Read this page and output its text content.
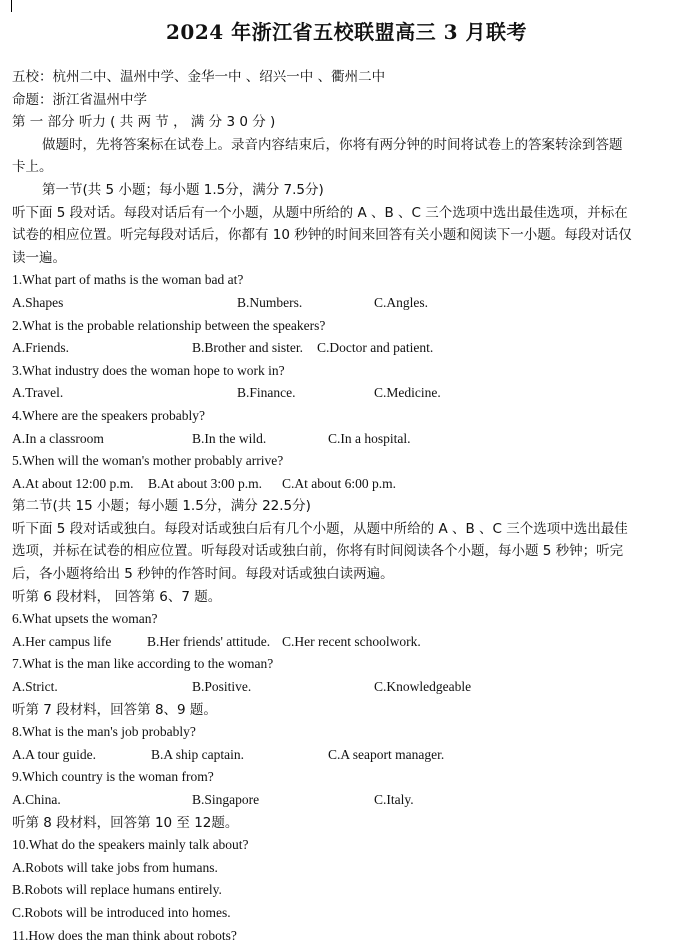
2024 年浙江省五校联盟高三 3 月联考
五校：杭州二中、温州中学、金华一中 、绍兴一中 、衢州二中
命题：浙江省温州中学
第 一 部分 听力 ( 共 两 节 ， 满 分 3 0 分 )
做题时，先将答案标在试卷上。录音内容结束后，你将有两分钟的时间将试卷上的答案转涂到答题
卡上。
第一节(共 5 小题；每小题 1.5分，满分 7.5分)
听下面 5 段对话。每段对话后有一个小题，从题中所给的 A 、B 、C 三个选项中选出最佳选项，并标在
试卷的相应位置。听完每段对话后，你都有 10 秒钟的时间来回答有关小题和阅读下一小题。每段对话仅
读一遍。
1.What part of maths is the woman bad at?
A.Shapes	B.Numbers.	C.Angles.
2.What is the probable relationship between the speakers?
A.Friends.	B.Brother and sister. C.Doctor and patient.
3.What industry does the woman hope to work in?
A.Travel.	B.Finance.	C.Medicine.
4.Where are the speakers probably?
A.In a classroom	B.In the wild.	C.In a hospital.
5.When will the woman's mother probably arrive?
A.At about 12:00 p.m. B.At about 3:00 p.m. C.At about 6:00 p.m.
第二节(共 15 小题；每小题 1.5分，满分 22.5分)
听下面 5 段对话或独白。每段对话或独白后有几个小题，从题中所给的 A 、B 、C 三个选项中选出最佳
选项，并标在试卷的相应位置。听每段对话或独白前，你将有时间阅读各个小题，每小题 5 秒钟；听完
后，各小题将给出 5 秒钟的作答时间。每段对话或独白读两遍。
听第 6 段材料， 回答第 6、7 题。
6.What upsets the woman?
A.Her campus life	B.Her friends' attitude. C.Her recent schoolwork.
7.What is the man like according to the woman?
A.Strict.	B.Positive.	C.Knowledgeable
听第 7 段材料，回答第 8、9 题。
8.What is the man's job probably?
A.A tour guide.	B.A ship captain.	C.A seaport manager.
9.Which country is the woman from?
A.China.	B.Singapore	C.Italy.
听第 8 段材料，回答第 10 至 12题。
10.What do the speakers mainly talk about?
A.Robots will take jobs from humans.
B.Robots will replace humans entirely.
C.Robots will be introduced into homes.
11.How does the man think about robots?
